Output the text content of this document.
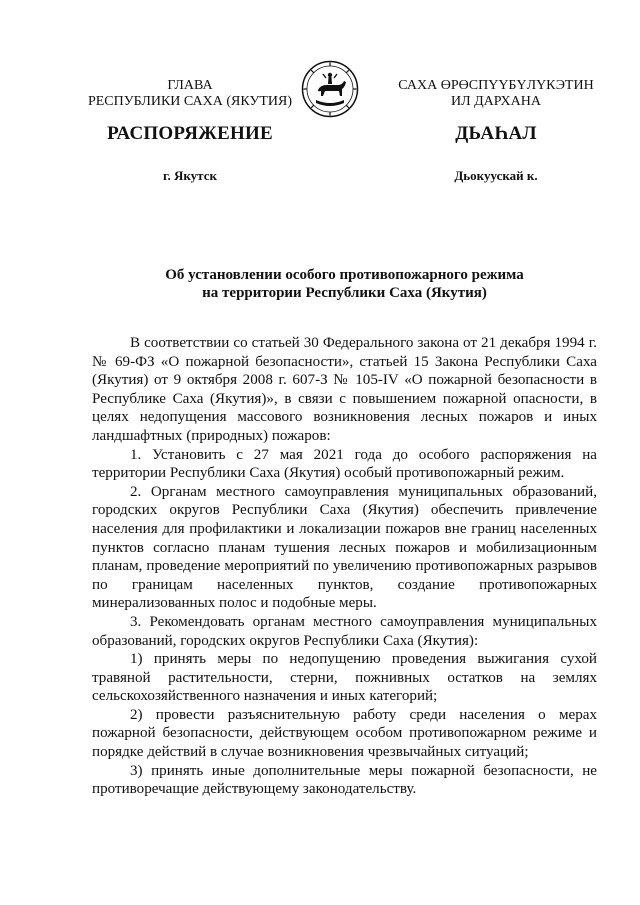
ГЛАВА
РЕСПУБЛИКИ САХА (ЯКУТИЯ)
САХА ӨРӨСПҮҮБҮЛҮКЭТИН
ИЛ ДАРХАНА
РАСПОРЯЖЕНИЕ	ДЬАҺАЛ
г. Якутск	Дьокуускай к.
Об установлении особого противопожарного режима
на территории Республики Саха (Якутия)

В соответствии со статьей 30 Федерального закона от 21 декабря 1994 г. № 69-ФЗ «О пожарной безопасности», статьей 15 Закона Республики Саха (Якутия) от 9 октября 2008 г. 607-З № 105-IV «О пожарной безопасности в Республике Саха (Якутия)», в связи с повышением пожарной опасности, в целях недопущения массового возникновения лесных пожаров и иных ландшафтных (природных) пожаров:

1. Установить с 27 мая 2021 года до особого распоряжения на территории Республики Саха (Якутия) особый противопожарный режим.

2. Органам местного самоуправления муниципальных образований, городских округов Республики Саха (Якутия) обеспечить привлечение населения для профилактики и локализации пожаров вне границ населенных пунктов согласно планам тушения лесных пожаров и мобилизационным планам, проведение мероприятий по увеличению противопожарных разрывов по границам населенных пунктов, создание противопожарных минерализованных полос и подобные меры.

3. Рекомендовать органам местного самоуправления муниципальных образований, городских округов Республики Саха (Якутия):

1) принять меры по недопущению проведения выжигания сухой травяной растительности, стерни, пожнивных остатков на землях сельскохозяйственного назначения и иных категорий;

2) провести разъяснительную работу среди населения о мерах пожарной безопасности, действующем особом противопожарном режиме и порядке действий в случае возникновения чрезвычайных ситуаций;

3) принять иные дополнительные меры пожарной безопасности, не противоречащие действующему законодательству.
